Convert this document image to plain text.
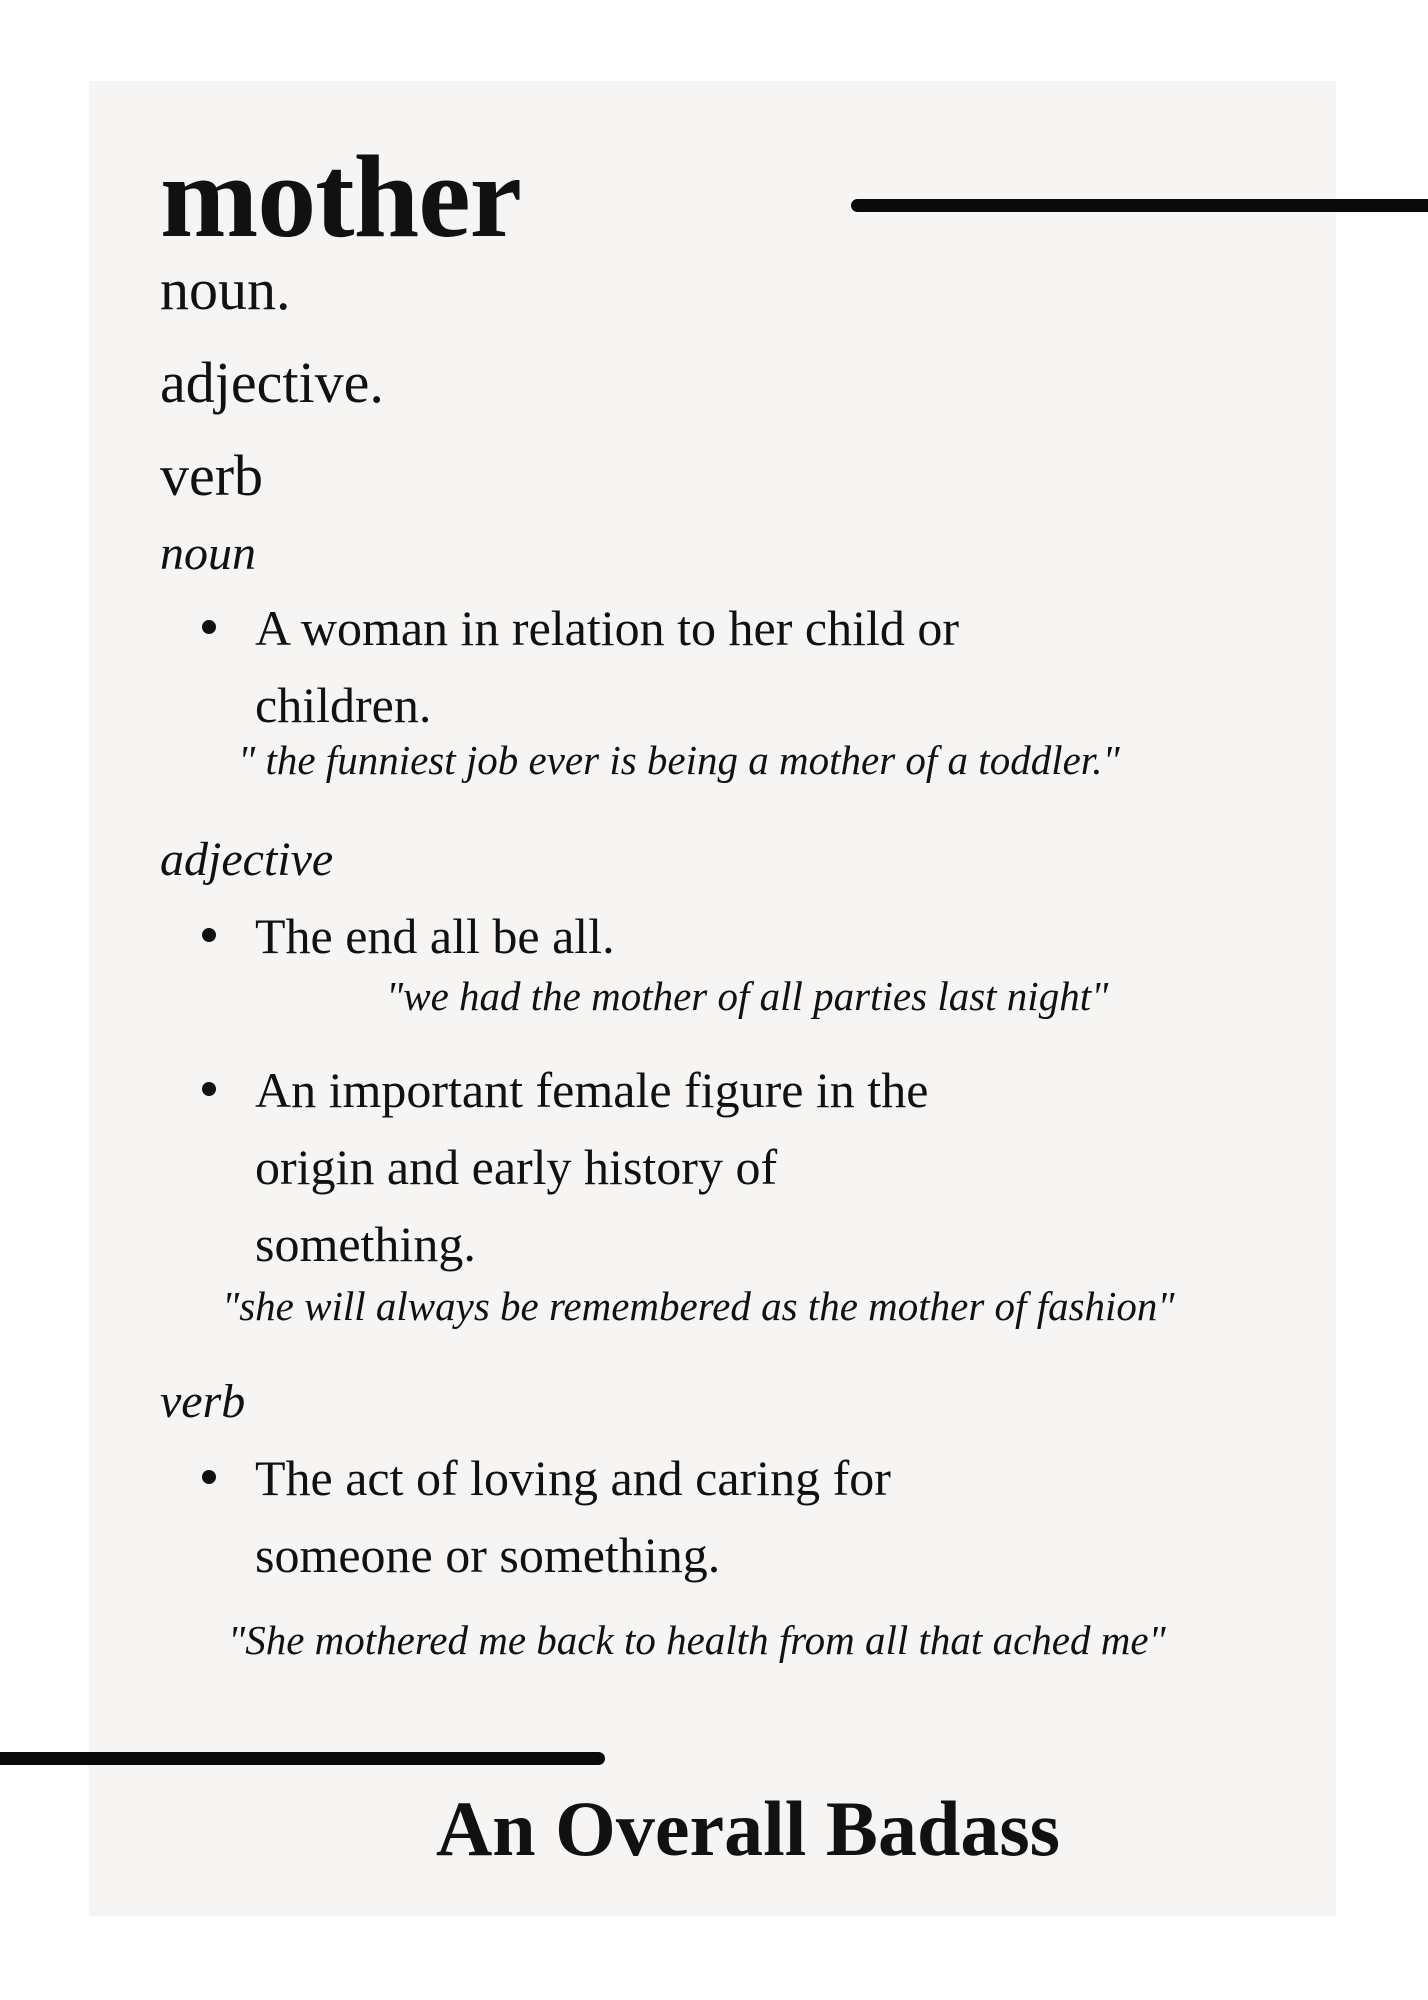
mother
noun.
adjective.
verb
noun
A woman in relation to her child or
children.
" the funniest job ever is being a mother of a toddler."
adjective
The end all be all.
"we had the mother of all parties last night"
An important female figure in the
origin and early history of
something.
"she will always be remembered as the mother of fashion"
verb
The act of loving and caring for
someone or something.
"She mothered me back to health from all that ached me"
An Overall Badass
